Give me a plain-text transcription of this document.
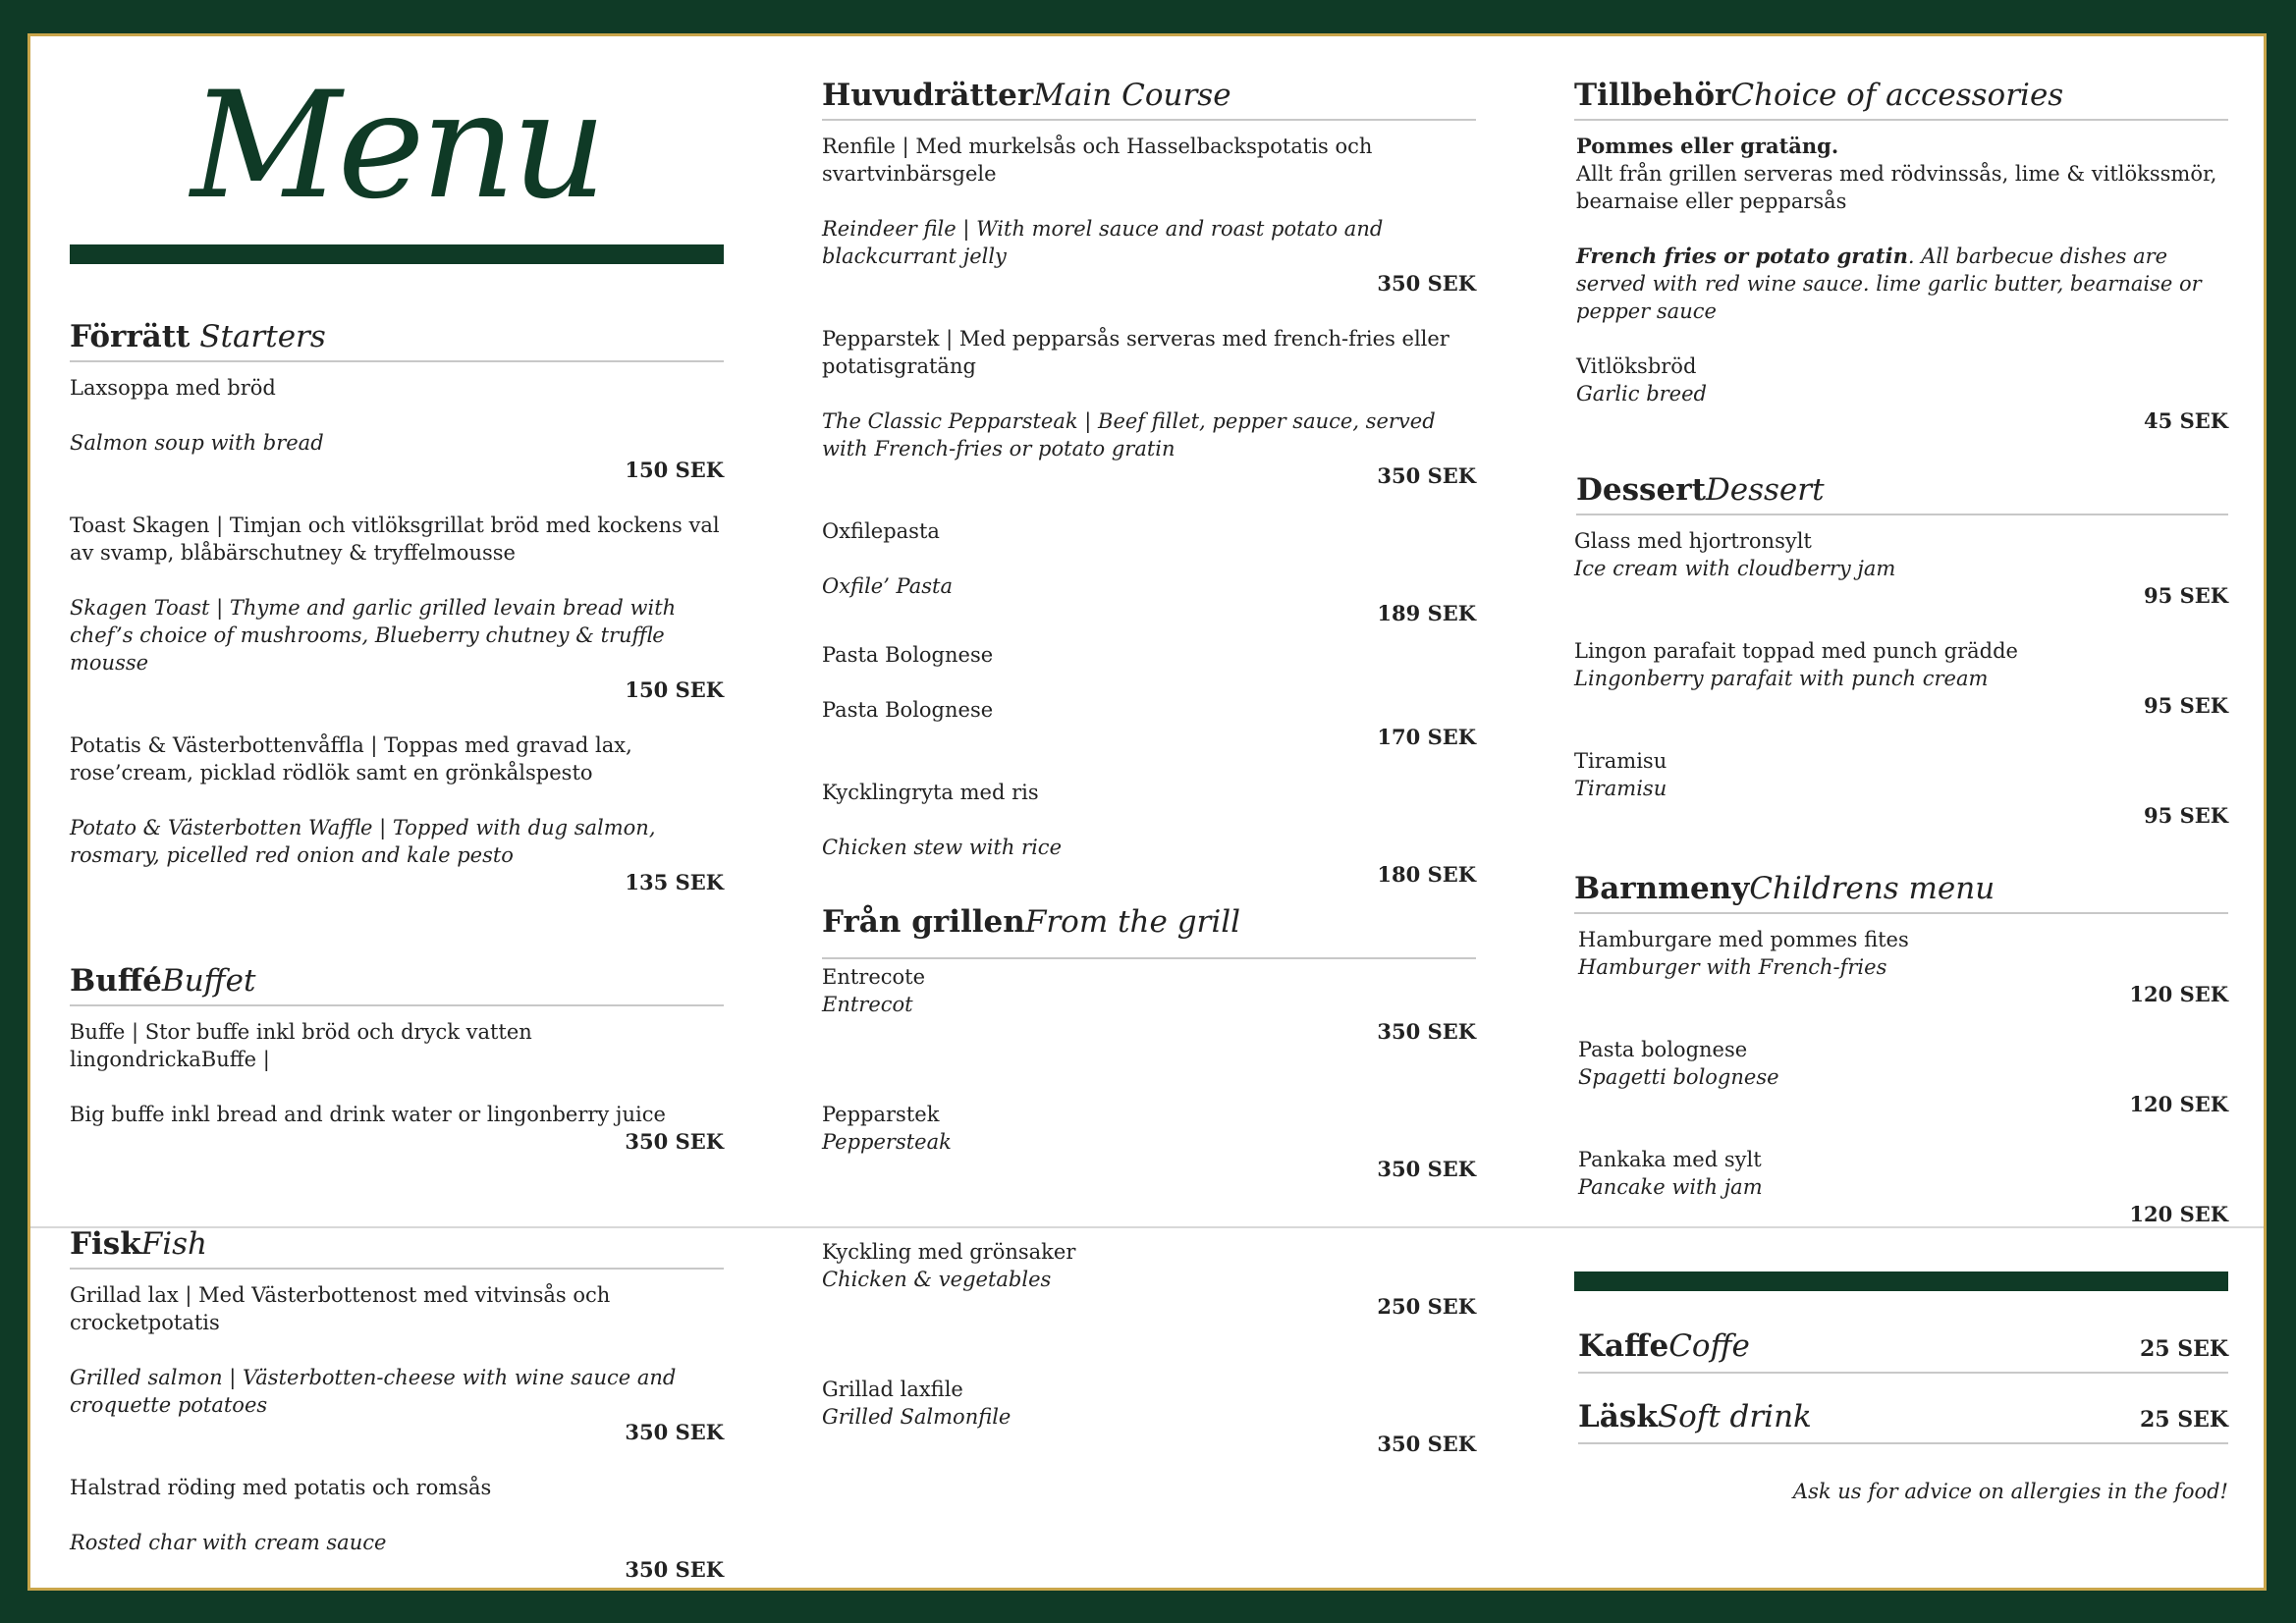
Menu
Förrätt Starters
Laxsoppa med bröd
Salmon soup with bread
150 SEK
Toast Skagen | Timjan och vitlöksgrillat bröd med kockens val av svamp, blåbärschutney & tryffelmousse
Skagen Toast | Thyme and garlic grilled levain bread with chef’s choice of mushrooms, Blueberry chutney & truffle mousse
150 SEK
Potatis & Västerbottenvåffla | Toppas med gravad lax, rose’cream, picklad rödlök samt en grönkålspesto
Potato & Västerbotten Waffle | Topped with dug salmon, rosmary, picelled red onion and kale pesto
135 SEK
BufféBuffet
Buffe | Stor buffe inkl bröd och dryck vatten lingondrickaBuffe |
Big buffe inkl bread and drink water or lingonberry juice
350 SEK
FiskFish
Grillad lax | Med Västerbottenost med vitvinsås och crocketpotatis
Grilled salmon | Västerbotten-cheese with wine sauce and croquette potatoes
350 SEK
Halstrad röding med potatis och romsås
Rosted char with cream sauce
350 SEK
HuvudrätterMain Course
Renfile | Med murkelsås och Hasselbackspotatis och svartvinbärsgele
Reindeer file | With morel sauce and roast potato and blackcurrant jelly
350 SEK
Pepparstek | Med pepparsås serveras med french-fries eller potatisgratäng
The Classic Pepparsteak | Beef fillet, pepper sauce, served with French-fries or potato gratin
350 SEK
Oxfilepasta
Oxfile’ Pasta
189 SEK
Pasta Bolognese
Pasta Bolognese
170 SEK
Kycklingryta med ris
Chicken stew with rice
180 SEK
Från grillenFrom the grill
Entrecote
Entrecot
350 SEK
Pepparstek
Peppersteak
350 SEK
Kyckling med grönsaker
Chicken & vegetables
250 SEK
Grillad laxfile
Grilled Salmonfile
350 SEK
TillbehörChoice of accessories
Pommes eller gratäng.
Allt från grillen serveras med rödvinssås, lime & vitlökssmör, bearnaise eller pepparsås
French fries or potato gratin. All barbecue dishes are served with red wine sauce. lime garlic butter, bearnaise or pepper sauce
Vitlöksbröd
Garlic breed
45 SEK
DessertDessert
Glass med hjortronsylt
Ice cream with cloudberry jam
95 SEK
Lingon parafait toppad med punch grädde
Lingonberry parafait with punch cream
95 SEK
Tiramisu
Tiramisu
95 SEK
BarnmenyChildrens menu
Hamburgare med pommes fites
Hamburger with French-fries
120 SEK
Pasta bolognese
Spagetti bolognese
120 SEK
Pankaka med sylt
Pancake with jam
120 SEK
KaffeCoffe	25 SEK
LäskSoft drink	25 SEK
Ask us for advice on allergies in the food!
